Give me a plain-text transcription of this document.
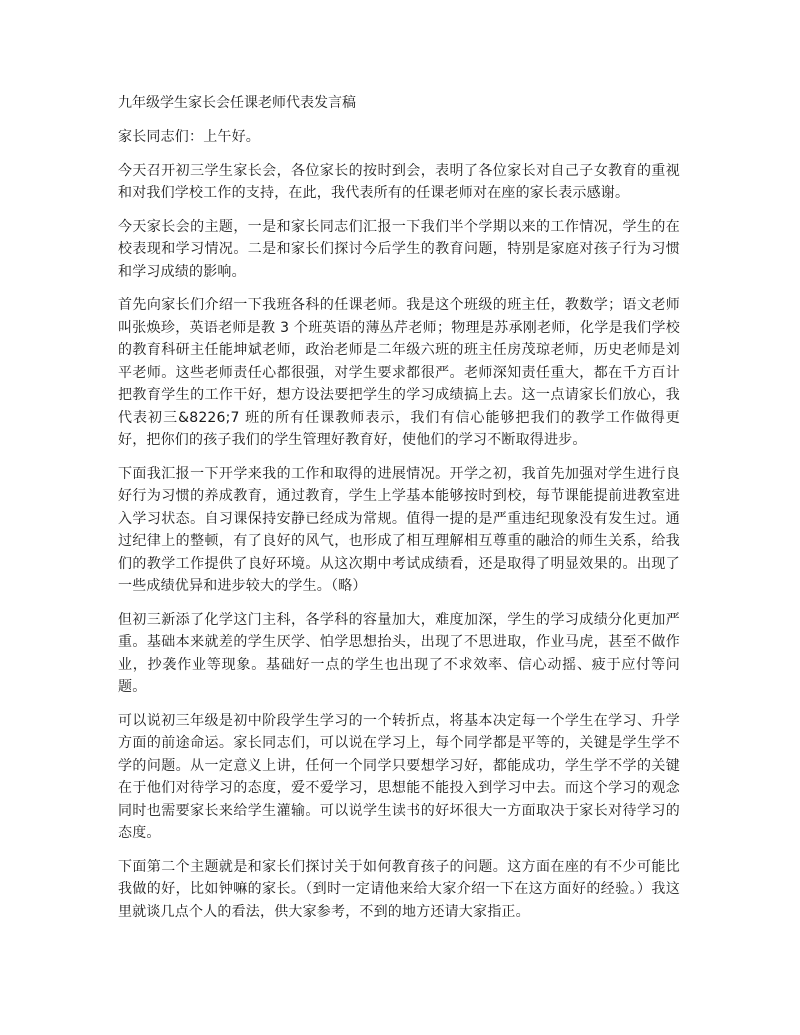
九年级学生家长会任课老师代表发言稿

家长同志们：上午好。

今天召开初三学生家长会，各位家长的按时到会，表明了各位家长对自己子女教育的重视和对我们学校工作的支持，在此，我代表所有的任课老师对在座的家长表示感谢。

今天家长会的主题，一是和家长同志们汇报一下我们半个学期以来的工作情况，学生的在校表现和学习情况。二是和家长们探讨今后学生的教育问题，特别是家庭对孩子行为习惯和学习成绩的影响。

首先向家长们介绍一下我班各科的任课老师。我是这个班级的班主任，教数学；语文老师叫张焕珍，英语老师是教 3 个班英语的薄丛芹老师；物理是苏承刚老师，化学是我们学校的教育科研主任能坤斌老师，政治老师是二年级六班的班主任房茂琼老师，历史老师是刘平老师。这些老师责任心都很强，对学生要求都很严。老师深知责任重大，都在千方百计把教育学生的工作干好，想方设法要把学生的学习成绩搞上去。这一点请家长们放心，我代表初三&8226;7 班的所有任课教师表示，我们有信心能够把我们的教学工作做得更好，把你们的孩子我们的学生管理好教育好，使他们的学习不断取得进步。

下面我汇报一下开学来我的工作和取得的进展情况。开学之初，我首先加强对学生进行良好行为习惯的养成教育，通过教育，学生上学基本能够按时到校，每节课能提前进教室进入学习状态。自习课保持安静已经成为常规。值得一提的是严重违纪现象没有发生过。通过纪律上的整顿，有了良好的风气，也形成了相互理解相互尊重的融洽的师生关系，给我们的教学工作提供了良好环境。从这次期中考试成绩看，还是取得了明显效果的。出现了一些成绩优异和进步较大的学生。（略）

但初三新添了化学这门主科，各学科的容量加大，难度加深，学生的学习成绩分化更加严重。基础本来就差的学生厌学、怕学思想抬头，出现了不思进取，作业马虎，甚至不做作业，抄袭作业等现象。基础好一点的学生也出现了不求效率、信心动摇、疲于应付等问题。

可以说初三年级是初中阶段学生学习的一个转折点，将基本决定每一个学生在学习、升学方面的前途命运。家长同志们，可以说在学习上，每个同学都是平等的，关键是学生学不学的问题。从一定意义上讲，任何一个同学只要想学习好，都能成功，学生学不学的关键在于他们对待学习的态度，爱不爱学习，思想能不能投入到学习中去。而这个学习的观念同时也需要家长来给学生灌输。可以说学生读书的好坏很大一方面取决于家长对待学习的态度。

下面第二个主题就是和家长们探讨关于如何教育孩子的问题。这方面在座的有不少可能比我做的好，比如钟嘛的家长。（到时一定请他来给大家介绍一下在这方面好的经验。）我这里就谈几点个人的看法，供大家参考，不到的地方还请大家指正。
